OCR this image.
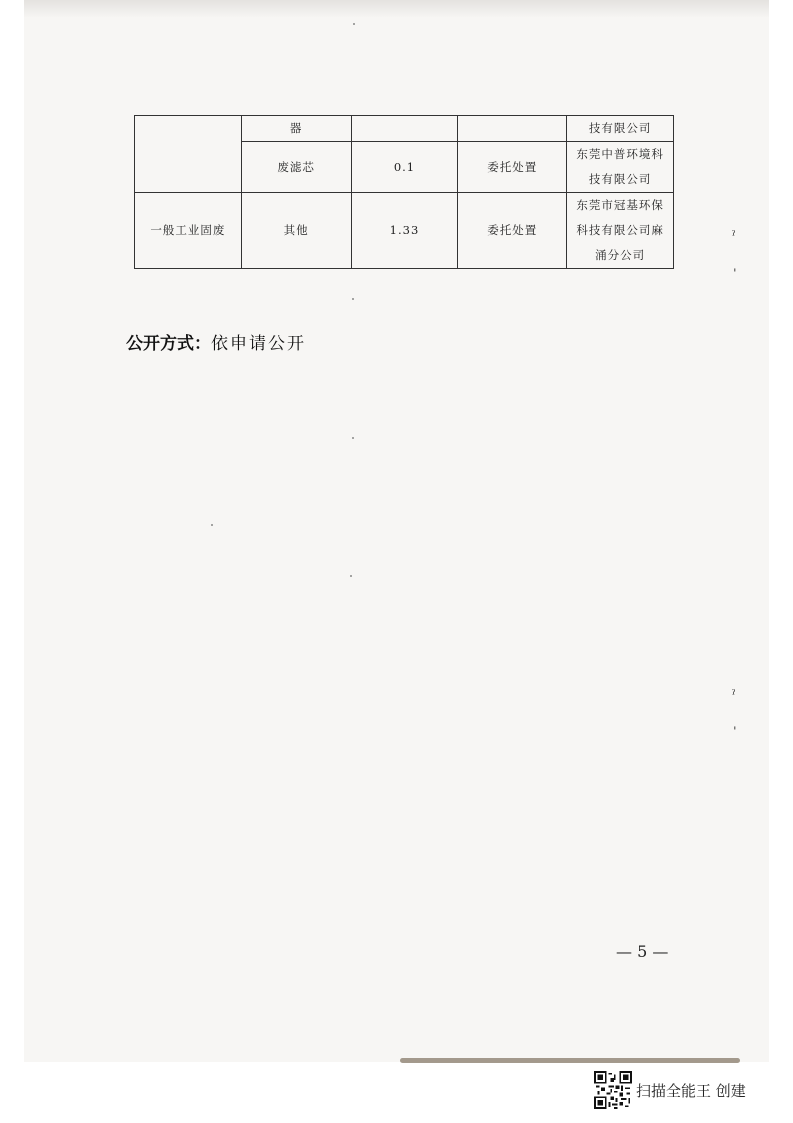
	器			技有限公司

	废滤芯	0.1	委托处置	东莞中普环境科
技有限公司

一般工业固废	其他	1.33	委托处置	东莞市冠基环保
科技有限公司麻
涌分公司
公开方式：依申请公开
— 5 —
ˀ
ˌ
ˀ
ˌ
扫描全能王 创建
